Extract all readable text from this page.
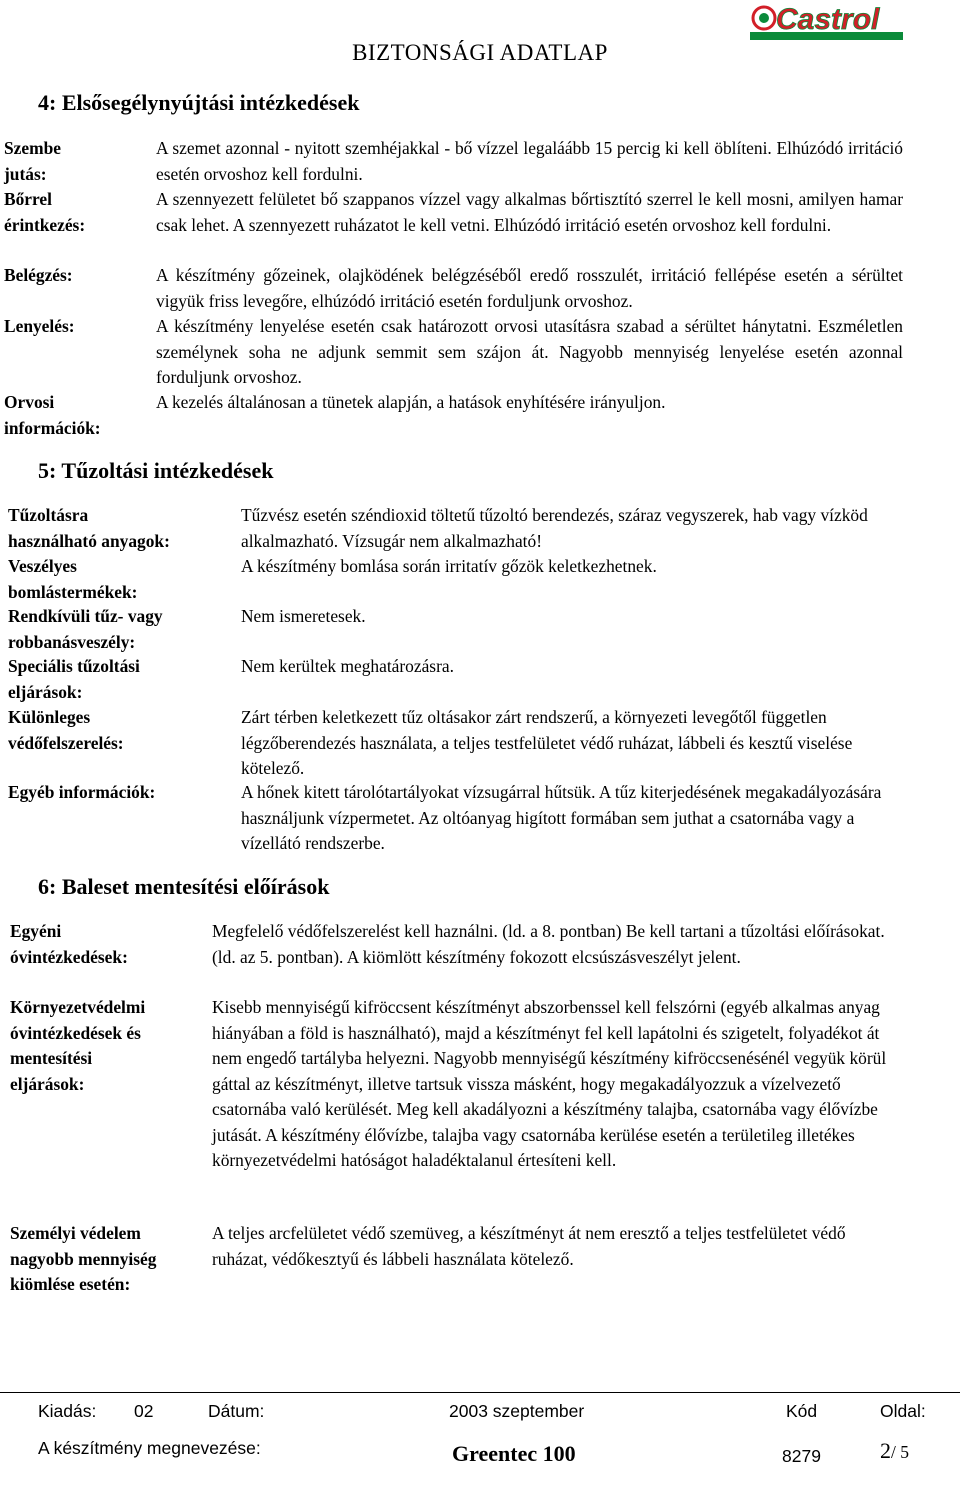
BIZTONSÁGI ADATLAP
Castrol
4: Elsősegélynyújtási intézkedések
Szembe
jutás:
A szemet azonnal - nyitott szemhéjakkal - bő vízzel legaláább 15 percig ki kell öblíteni. Elhúzódó irritáció esetén orvoshoz kell fordulni.
Bőrrel
érintkezés:
A szennyezett felületet bő szappanos vízzel vagy alkalmas bőrtisztító szerrel le kell mosni, amilyen hamar csak lehet. A szennyezett ruházatot le kell vetni. Elhúzódó irritáció esetén orvoshoz kell fordulni.
Belégzés:	A készítmény gőzeinek, olajködének belégzéséből eredő rosszulét, irritáció fellépése esetén a sérültet vigyük friss levegőre, elhúzódó irritáció esetén forduljunk orvoshoz.
Lenyelés:	A készítmény lenyelése esetén csak határozott orvosi utasításra szabad a sérültet hánytatni. Eszméletlen személynek soha ne adjunk semmit sem szájon át. Nagyobb mennyiség lenyelése esetén azonnal forduljunk orvoshoz.
Orvosi
információk:
A kezelés általánosan a tünetek alapján, a hatások enyhítésére irányuljon.
5: Tűzoltási intézkedések
Tűzoltásra
használható anyagok:
Tűzvész esetén széndioxid töltetű tűzoltó berendezés, száraz vegyszerek, hab vagy vízköd alkalmazható. Vízsugár nem alkalmazható!
Veszélyes
bomlástermékek:
A készítmény bomlása során irritatív gőzök keletkezhetnek.
Rendkívüli tűz- vagy
robbanásveszély:
Nem ismeretesek.
Speciális tűzoltási
eljárások:
Nem kerültek meghatározásra.
Különleges
védőfelszerelés:
Zárt térben keletkezett tűz oltásakor zárt rendszerű, a környezeti levegőtől független légzőberendezés használata, a teljes testfelületet védő ruházat, lábbeli és kesztű viselése kötelező.
Egyéb információk:	A hőnek kitett tárolótartályokat vízsugárral hűtsük. A tűz kiterjedésének megakadályozására használjunk vízpermetet. Az oltóanyag higított formában sem juthat a csatornába vagy a vízellátó rendszerbe.
6: Baleset mentesítési előírások
Egyéni
óvintézkedések:
Megfelelő védőfelszerelést kell haználni. (ld. a 8. pontban) Be kell tartani a tűzoltási előírásokat. (ld. az 5. pontban). A kiömlött készítmény fokozott elcsúszásveszélyt jelent.
Környezetvédelmi
óvintézkedések és
mentesítési
eljárások:
Kisebb mennyiségű kifröccsent készítményt abszorbenssel kell felszórni (egyéb alkalmas anyag hiányában a föld is használható), majd a készítményt fel kell lapátolni és szigetelt, folyadékot át nem engedő tartályba helyezni. Nagyobb mennyiségű készítmény kifröccsenésénél vegyük körül gáttal az készítményt, illetve tartsuk vissza másként, hogy megakadályozzuk a vízelvezető csatornába való kerülését. Meg kell akadályozni a készítmény talajba, csatornába vagy élővízbe jutását. A készítmény élővízbe, talajba vagy csatornába kerülése esetén a területileg illetékes környezetvédelmi hatóságot haladéktalanul értesíteni kell.
Személyi védelem
nagyobb mennyiség
kiömlése esetén:
A teljes arcfelületet védő szemüveg, a készítményt át nem eresztő a teljes testfelületet védő ruházat, védőkesztyű és lábbeli használata kötelező.
Kiadás: 02	Dátum:	2003 szeptember	Kód	Oldal:
A készítmény megnevezése:	Greentec 100	8279	2/ 5
